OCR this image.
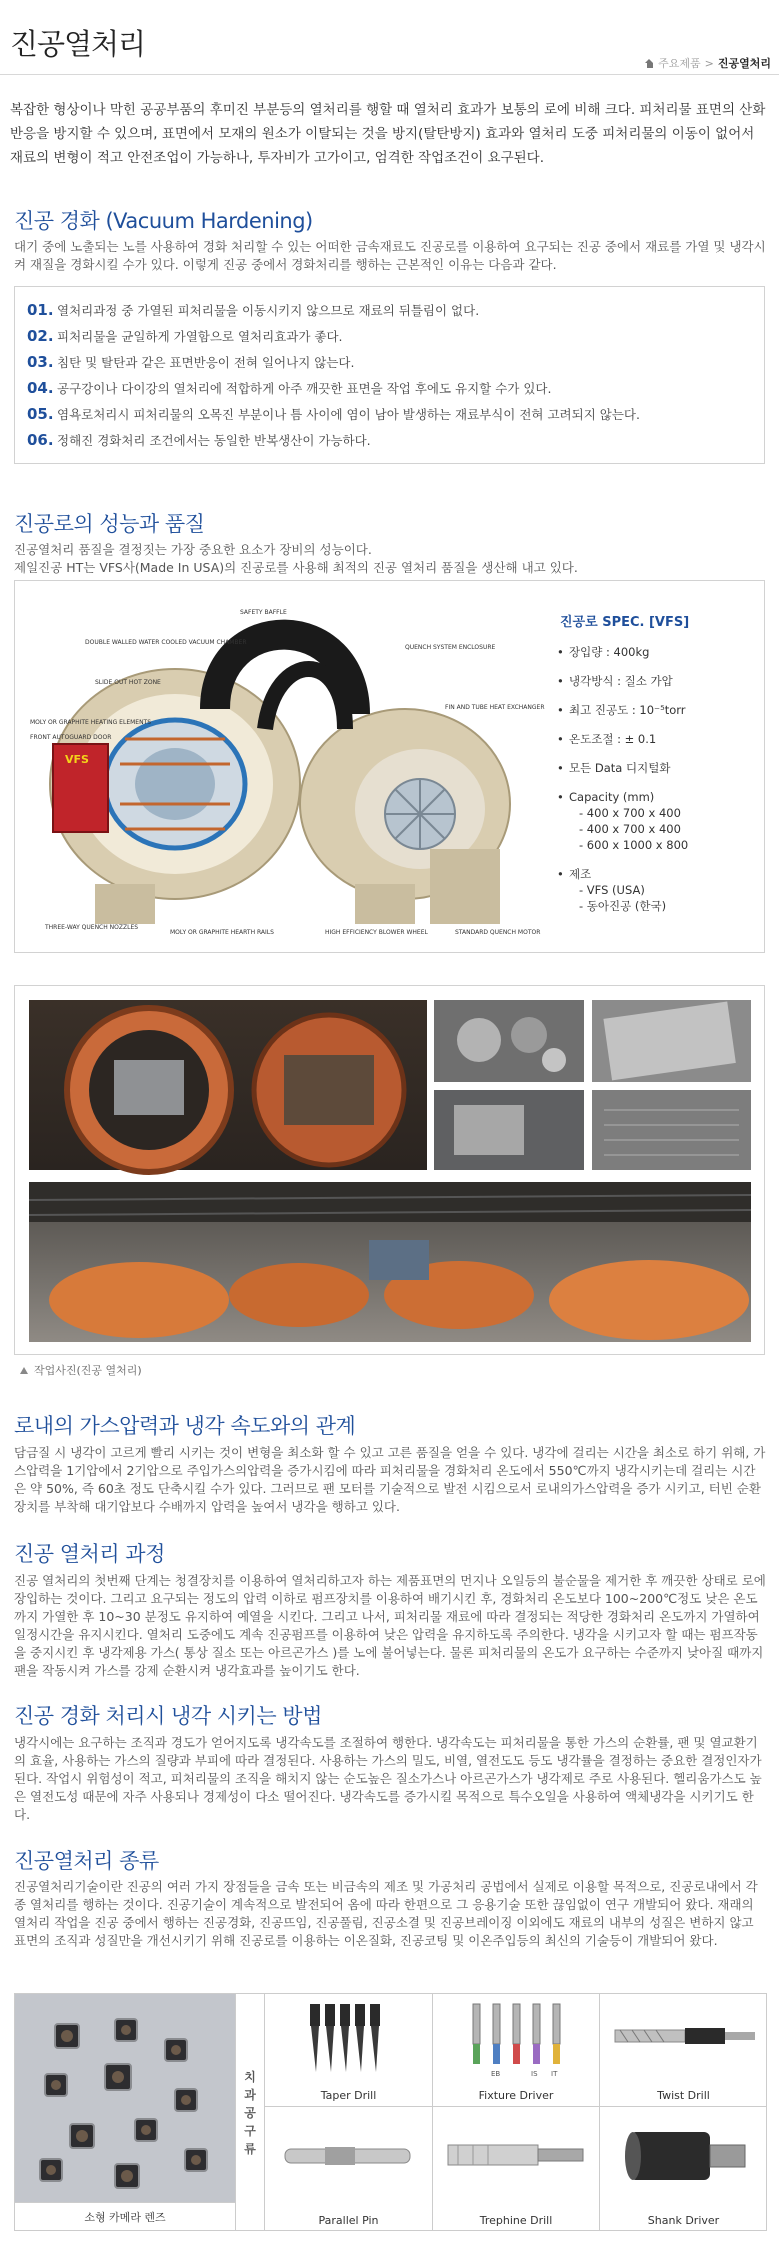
진공열처리
주요제품 > 진공열처리

복잡한 형상이나 막힌 공공부품의 후미진 부분등의 열처리를 행할 때 열처리 효과가 보통의 로에 비해 크다. 피처리물 표면의 산화반응을 방지할 수 있으며, 표면에서 모재의 원소가 이탈되는 것을 방지(탈탄방지) 효과와 열처리 도중 피처리물의 이동이 없어서 재료의 변형이 적고 안전조업이 가능하나, 투자비가 고가이고, 엄격한 작업조건이 요구된다.

진공 경화 (Vacuum Hardening)

대기 중에 노출되는 노를 사용하여 경화 처리할 수 있는 어떠한 금속재료도 진공로를 이용하여 요구되는 진공 중에서 재료를 가열 및 냉각시켜 재질을 경화시킬 수가 있다. 이렇게 진공 중에서 경화처리를 행하는 근본적인 이유는 다음과 같다.

01. 열처리과정 중 가열된 피처리물을 이동시키지 않으므로 재료의 뒤틀림이 없다.
02. 피처리물을 균일하게 가열함으로 열처리효과가 좋다.
03. 침탄 및 탈탄과 같은 표면반응이 전혀 일어나지 않는다.
04. 공구강이나 다이강의 열처리에 적합하게 아주 깨끗한 표면을 작업 후에도 유지할 수가 있다.
05. 염욕로처리시 피처리물의 오목진 부분이나 틈 사이에 염이 남아 발생하는 재료부식이 전혀 고려되지 않는다.
06. 정해진 경화처리 조건에서는 동일한 반복생산이 가능하다.
진공로의 성능과 품질

진공열처리 품질을 결정짓는 가장 중요한 요소가 장비의 성능이다.

제일진공 HT는 VFS사(Made In USA)의 진공로를 사용해 최적의 진공 열처리 품질을 생산해 내고 있다.

VFS
SAFETY BAFFLE
DOUBLE WALLED WATER COOLED VACUUM CHAMBER
QUENCH SYSTEM ENCLOSURE
SLIDE OUT HOT ZONE
FIN AND TUBE HEAT EXCHANGER
MOLY OR GRAPHITE HEATING ELEMENTS
FRONT AUTOGUARD DOOR
THREE-WAY QUENCH NOZZLES
MOLY OR GRAPHITE HEARTH RAILS	HIGH EFFICIENCY BLOWER WHEEL	STANDARD QUENCH MOTOR
진공로 SPEC. [VFS]
• 장입량 : 400kg
• 냉각방식 : 질소 가압
• 최고 진공도 : 10⁻⁵torr
• 온도조절 : ± 0.1
• 모든 Data 디지털화
• Capacity (mm)
- 400 x 700 x 400
- 400 x 700 x 400
- 600 x 1000 x 800
• 제조
- VFS (USA)
- 동아진공 (한국)
작업사진(진공 열처리)
로내의 가스압력과 냉각 속도와의 관계

담금질 시 냉각이 고르게 빨리 시키는 것이 변형을 최소화 할 수 있고 고른 품질을 얻을 수 있다. 냉각에 걸리는 시간을 최소로 하기 위해, 가스압력을 1기압에서 2기압으로 주입가스의압력을 증가시킴에 따라 피처리물을 경화처리 온도에서 550℃까지 냉각시키는데 걸리는 시간은 약 50%, 즉 60초 정도 단축시킬 수가 있다. 그러므로 팬 모터를 기술적으로 발전 시킴으로서 로내의가스압력을 증가 시키고, 터빈 순환장치를 부착해 대기압보다 수배까지 압력을 높여서 냉각을 행하고 있다.

진공 열처리 과정

진공 열처리의 첫번째 단계는 청결장치를 이용하여 열처리하고자 하는 제품표면의 먼지나 오일등의 불순물을 제거한 후 깨끗한 상태로 로에 장입하는 것이다. 그리고 요구되는 정도의 압력 이하로 펌프장치를 이용하여 배기시킨 후, 경화처리 온도보다 100~200℃정도 낮은 온도까지 가열한 후 10~30 분정도 유지하여 예열을 시킨다. 그리고 나서, 피처리물 재료에 따라 결정되는 적당한 경화처리 온도까지 가열하여 일정시간을 유지시킨다. 열처리 도중에도 계속 진공펌프를 이용하여 낮은 압력을 유지하도록 주의한다. 냉각을 시키고자 할 때는 펌프작동을 중지시킨 후 냉각제용 가스( 통상 질소 또는 아르곤가스 )를 노에 불어넣는다. 물론 피처리물의 온도가 요구하는 수준까지 낮아질 때까지 팬을 작동시켜 가스를 강제 순환시켜 냉각효과를 높이기도 한다.

진공 경화 처리시 냉각 시키는 방법

냉각시에는 요구하는 조직과 경도가 얻어지도록 냉각속도를 조절하여 행한다. 냉각속도는 피처리물을 통한 가스의 순환률, 팬 및 열교환기의 효율, 사용하는 가스의 질량과 부피에 따라 결정된다. 사용하는 가스의 밀도, 비열, 열전도도 등도 냉각률을 결정하는 중요한 결정인자가 된다. 작업시 위험성이 적고, 피처리물의 조직을 해치지 않는 순도높은 질소가스나 아르곤가스가 냉각제로 주로 사용된다. 헬리움가스도 높은 열전도성 때문에 자주 사용되나 경제성이 다소 떨어진다. 냉각속도를 증가시킬 목적으로 특수오일을 사용하여 액체냉각을 시키기도 한다.

진공열처리 종류

진공열처리기술이란 진공의 여러 가지 장점들을 금속 또는 비금속의 제조 및 가공처리 공법에서 실제로 이용할 목적으로, 진공로내에서 각종 열처리를 행하는 것이다. 진공기술이 계속적으로 발전되어 옴에 따라 한편으로 그 응용기술 또한 끊임없이 연구 개발되어 왔다. 재래의 열처리 작업을 진공 중에서 행하는 진공경화, 진공뜨임, 진공풀림, 진공소결 및 진공브레이징 이외에도 재료의 내부의 성질은 변하지 않고 표면의 조직과 성질만을 개선시키기 위해 진공로를 이용하는 이온질화, 진공코팅 및 이온주입등의 최신의 기술등이 개발되어 왔다.

소형 카메라 렌즈
치
과
공
구
류
Taper Drill
EB	IS IT
Fixture Driver	Twist Drill
Parallel Pin	Trephine Drill	Shank Driver
